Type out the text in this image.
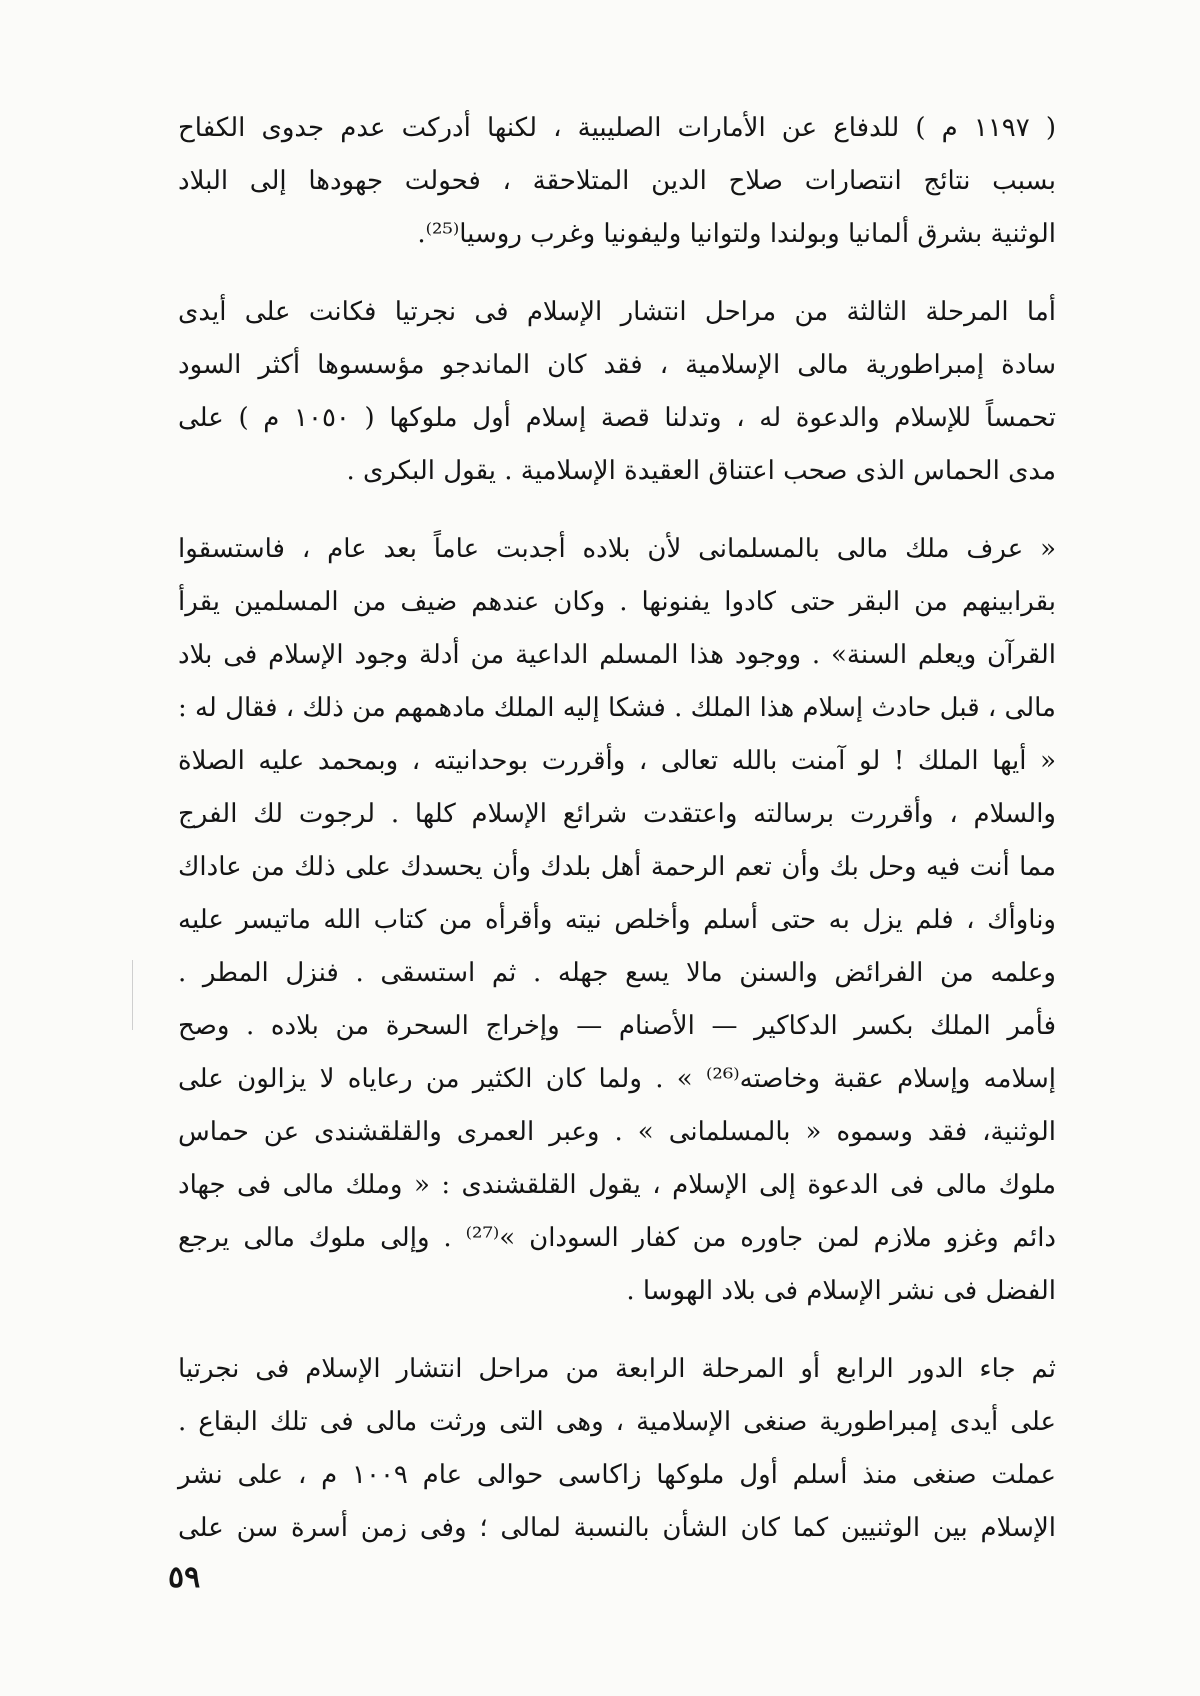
( ١١٩٧ م ) للدفاع عن الأمارات الصليبية ، لكنها أدركت عدم جدوى الكفاح
بسبب نتائج انتصارات صلاح الدين المتلاحقة ، فحولت جهودها إلى البلاد
الوثنية بشرق ألمانيا وبولندا ولتوانيا وليفونيا وغرب روسيا⁽²⁵⁾.

أما المرحلة الثالثة من مراحل انتشار الإسلام فى نجرتيا فكانت على أيدى
سادة إمبراطورية مالى الإسلامية ، فقد كان الماندجو مؤسسوها أكثر السود
تحمساً للإسلام والدعوة له ، وتدلنا قصة إسلام أول ملوكها ( ١٠٥٠ م ) على
مدى الحماس الذى صحب اعتناق العقيدة الإسلامية . يقول البكرى .

« عرف ملك مالى بالمسلمانى لأن بلاده أجدبت عاماً بعد عام ، فاستسقوا
بقرابينهم من البقر حتى كادوا يفنونها . وكان عندهم ضيف من المسلمين يقرأ
القرآن ويعلم السنة» . ووجود هذا المسلم الداعية من أدلة وجود الإسلام فى بلاد
مالى ، قبل حادث إسلام هذا الملك . فشكا إليه الملك مادهمهم من ذلك ، فقال له :
« أيها الملك ! لو آمنت بالله تعالى ، وأقررت بوحدانيته ، وبمحمد عليه الصلاة
والسلام ، وأقررت برسالته واعتقدت شرائع الإسلام كلها . لرجوت لك الفرج
مما أنت فيه وحل بك وأن تعم الرحمة أهل بلدك وأن يحسدك على ذلك من عاداك
وناوأك ، فلم يزل به حتى أسلم وأخلص نيته وأقرأه من كتاب الله ماتيسر عليه
وعلمه من الفرائض والسنن مالا يسع جهله . ثم استسقى . فنزل المطر .
فأمر الملك بكسر الدكاكير — الأصنام — وإخراج السحرة من بلاده . وصح
إسلامه وإسلام عقبة وخاصته⁽²⁶⁾ » . ولما كان الكثير من رعاياه لا يزالون على
الوثنية، فقد وسموه « بالمسلمانى » . وعبر العمرى والقلقشندى عن حماس
ملوك مالى فى الدعوة إلى الإسلام ، يقول القلقشندى : « وملك مالى فى جهاد
دائم وغزو ملازم لمن جاوره من كفار السودان »⁽²⁷⁾ . وإلى ملوك مالى يرجع
الفضل فى نشر الإسلام فى بلاد الهوسا .

ثم جاء الدور الرابع أو المرحلة الرابعة من مراحل انتشار الإسلام فى نجرتيا
على أيدى إمبراطورية صنغى الإسلامية ، وهى التى ورثت مالى فى تلك البقاع .
عملت صنغى منذ أسلم أول ملوكها زاكاسى حوالى عام ١٠٠٩ م ، على نشر
الإسلام بين الوثنيين كما كان الشأن بالنسبة لمالى ؛ وفى زمن أسرة سن على

٥٩
